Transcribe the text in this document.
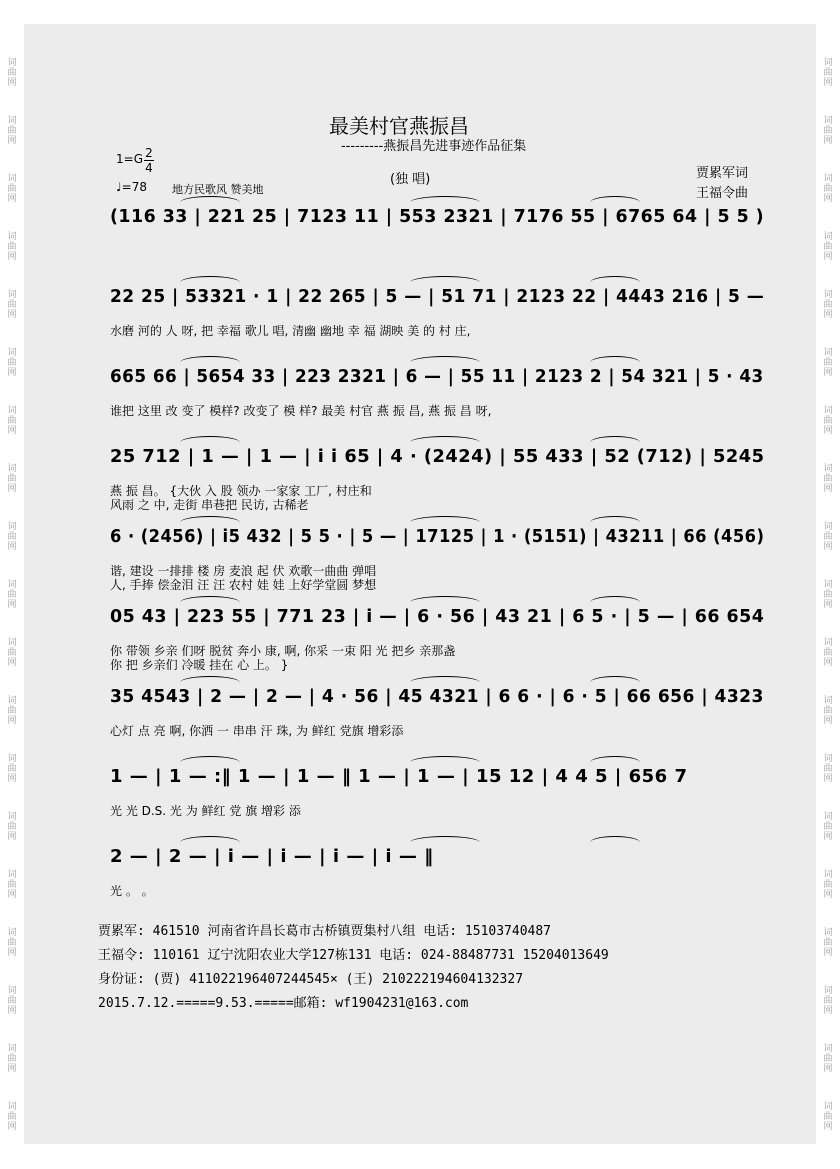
词曲网
词曲网
词曲网
词曲网
词曲网
词曲网
词曲网
词曲网
词曲网
词曲网
词曲网
词曲网
词曲网
词曲网
词曲网
词曲网
词曲网
词曲网
词曲网
词曲网
词曲网
词曲网
词曲网
词曲网
词曲网
词曲网
词曲网
词曲网
词曲网
词曲网
词曲网
词曲网
词曲网
词曲网
词曲网
词曲网
词曲网
词曲网
最美村官燕振昌
---------燕振昌先进事迹作品征集
1=G 2
4
♩=78 地方民歌风 赞美地
(独 唱)	贾累军词
王福令曲
(116 33 | 221 25 | 7123 11 | 553 2321 | 7176 55 | 6765 64 | 5 5 )
22 25 | 53321 · 1 | 22 265 | 5 — | 51 71 | 2123 22 | 4443 216 | 5 —
水磨 河的 人 呀, 把 幸福 歌儿 唱, 清幽 幽地 幸 福 湖映 美 的 村 庄,
665 66 | 5654 33 | 223 2321 | 6 — | 55 11 | 2123 2 | 54 321 | 5 · 43
谁把 这里 改 变了 模样? 改变了 模 样? 最美 村官 燕 振 昌, 燕 振 昌 呀,
25 712 | 1 — | 1 — | i i 65 | 4 · (2424) | 55 433 | 52 (712) | 5245
燕 振 昌。 {大伙 入 股 领办 一家家 工厂, 村庄和
风雨 之 中, 走街 串巷把 民访, 古稀老
6 · (2456) | i5 432 | 5 5 · | 5 — | 17125 | 1 · (5151) | 43211 | 66 (456)
谐, 建设 一排排 楼 房 麦浪 起 伏 欢歌一曲曲 弹唱
人, 手捧 偿金泪 汪 汪 农村 娃 娃 上好学堂圆 梦想
05 43 | 223 55 | 771 23 | i — | 6 · 56 | 43 21 | 6 5 · | 5 — | 66 654
你 带领 乡亲 们呀 脱贫 奔小 康, 啊, 你采 一束 阳 光 把乡 亲那盏
你 把 乡亲们 冷暖 挂在 心 上。 }
35 4543 | 2 — | 2 — | 4 · 56 | 45 4321 | 6 6 · | 6 · 5 | 66 656 | 4323
心灯 点 亮 啊, 你洒 一 串串 汗 珠, 为 鲜红 党旗 增彩添
1 — | 1 — :‖ 1 — | 1 — ‖ 1 — | 1 — | 15 12 | 4 4 5 | 656 7
光 光 D.S. 光 为 鲜红 党 旗 增彩 添
2 — | 2 — | i — | i — | i — | i — ‖
光 。 。
贾累军: 461510 河南省许昌长葛市古桥镇贾集村八组 电话: 15103740487
王福令: 110161 辽宁沈阳农业大学127栋131 电话: 024-88487731 15204013649
身份证: (贾) 411022196407244545× (王) 210222194604132327
2015.7.12.=====9.53.=====邮箱: wf1904231@163.com
